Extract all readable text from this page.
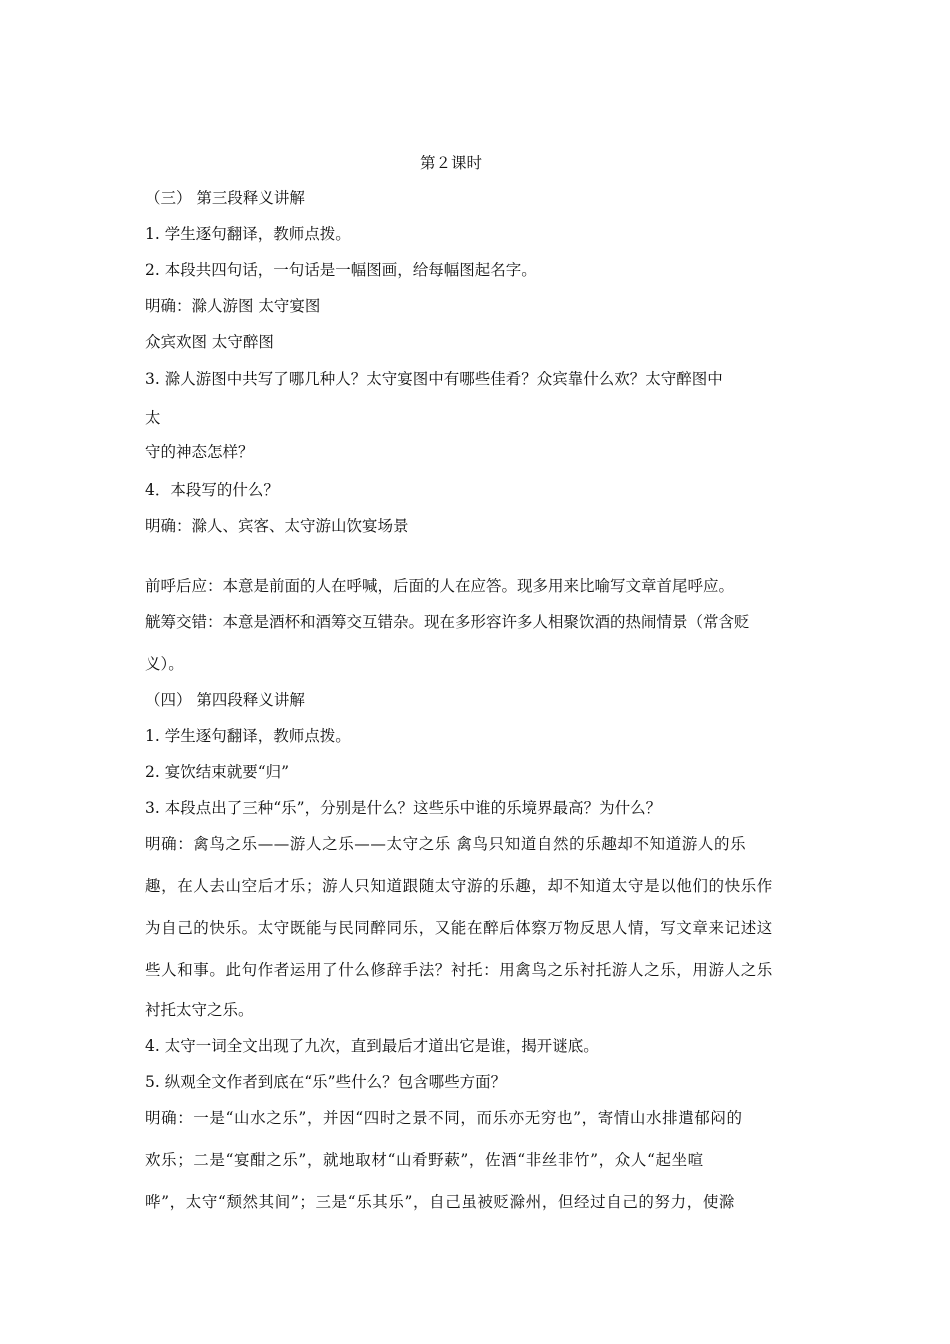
第２课时
（三） 第三段释义讲解
1. 学生逐句翻译，教师点拨。
2. 本段共四句话，一句话是一幅图画，给每幅图起名字。
明确：滁人游图 太守宴图
众宾欢图 太守醉图
3. 滁人游图中共写了哪几种人？太守宴图中有哪些佳肴？众宾靠什么欢？太守醉图中
太
守的神态怎样？
4．本段写的什么？
明确：滁人、宾客、太守游山饮宴场景
前呼后应：本意是前面的人在呼喊，后面的人在应答。现多用来比喻写文章首尾呼应。
觥筹交错：本意是酒杯和酒筹交互错杂。现在多形容许多人相聚饮酒的热闹情景（常含贬
义）。
（四） 第四段释义讲解
1. 学生逐句翻译，教师点拨。
2. 宴饮结束就要“归”
3. 本段点出了三种“乐”，分别是什么？这些乐中谁的乐境界最高？为什么？
明确：禽鸟之乐——游人之乐——太守之乐 禽鸟只知道自然的乐趣却不知道游人的乐
趣，在人去山空后才乐；游人只知道跟随太守游的乐趣，却不知道太守是以他们的快乐作
为自己的快乐。太守既能与民同醉同乐，又能在醉后体察万物反思人情，写文章来记述这
些人和事。此句作者运用了什么修辞手法？衬托：用禽鸟之乐衬托游人之乐，用游人之乐
衬托太守之乐。
4. 太守一词全文出现了九次，直到最后才道出它是谁，揭开谜底。
5. 纵观全文作者到底在“乐”些什么？包含哪些方面？
明确：一是“山水之乐”，并因“四时之景不同，而乐亦无穷也”，寄情山水排遣郁闷的
欢乐；二是“宴酣之乐”，就地取材“山肴野蔌”，佐酒“非丝非竹”，众人“起坐喧
哗”，太守“颓然其间”；三是“乐其乐”，自己虽被贬滁州，但经过自己的努力，使滁
